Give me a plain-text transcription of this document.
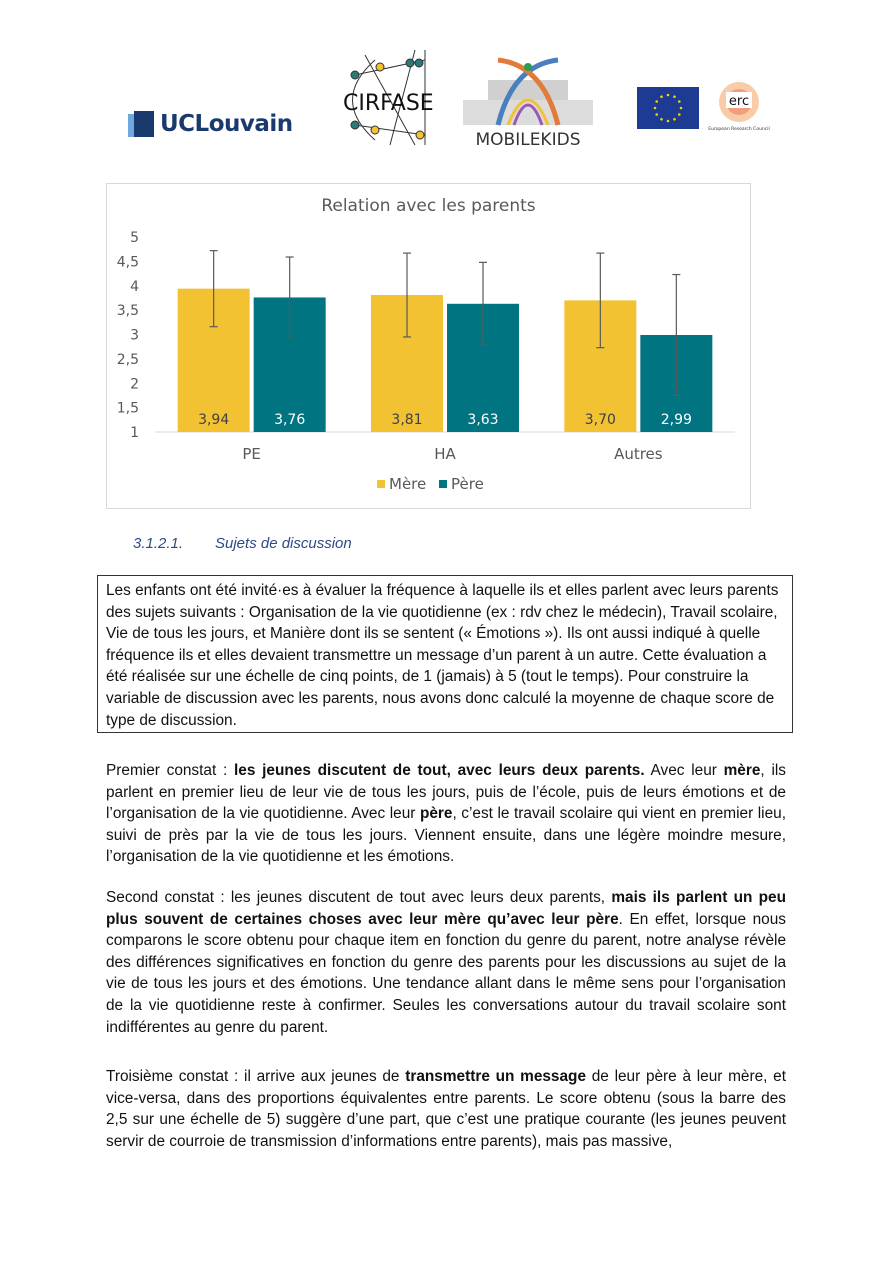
UCLouvain
CIRFASE
MOBILEKIDS
erc
European Research Council
Relation avec les parents
1
1,5
2
2,5
3
3,5
4
4,5
5
PE
3,94	3,76
HA
3,81	3,63
Autres
3,70	2,99
Mère Père
3.1.2.1. Sujets de discussion

Les enfants ont été invité·es à évaluer la fréquence à laquelle ils et elles parlent avec leurs parents des sujets suivants : Organisation de la vie quotidienne (ex : rdv chez le médecin), Travail scolaire, Vie de tous les jours, et Manière dont ils se sentent (« Émotions »). Ils ont aussi indiqué à quelle fréquence ils et elles devaient transmettre un message d’un parent à un autre. Cette évaluation a été réalisée sur une échelle de cinq points, de 1 (jamais) à 5 (tout le temps). Pour construire la variable de discussion avec les parents, nous avons donc calculé la moyenne de chaque score de type de discussion.

Premier constat : les jeunes discutent de tout, avec leurs deux parents. Avec leur mère, ils parlent en premier lieu de leur vie de tous les jours, puis de l’école, puis de leurs émotions et de l’organisation de la vie quotidienne. Avec leur père, c’est le travail scolaire qui vient en premier lieu, suivi de près par la vie de tous les jours. Viennent ensuite, dans une légère moindre mesure, l’organisation de la vie quotidienne et les émotions.

Second constat : les jeunes discutent de tout avec leurs deux parents, mais ils parlent un peu plus souvent de certaines choses avec leur mère qu’avec leur père. En effet, lorsque nous comparons le score obtenu pour chaque item en fonction du genre du parent, notre analyse révèle des différences significatives en fonction du genre des parents pour les discussions au sujet de la vie de tous les jours et des émotions. Une tendance allant dans le même sens pour l’organisation de la vie quotidienne reste à confirmer. Seules les conversations autour du travail scolaire sont indifférentes au genre du parent.

Troisième constat : il arrive aux jeunes de transmettre un message de leur père à leur mère, et vice-versa, dans des proportions équivalentes entre parents. Le score obtenu (sous la barre des 2,5 sur une échelle de 5) suggère d’une part, que c’est une pratique courante (les jeunes peuvent servir de courroie de transmission d’informations entre parents), mais pas massive,
